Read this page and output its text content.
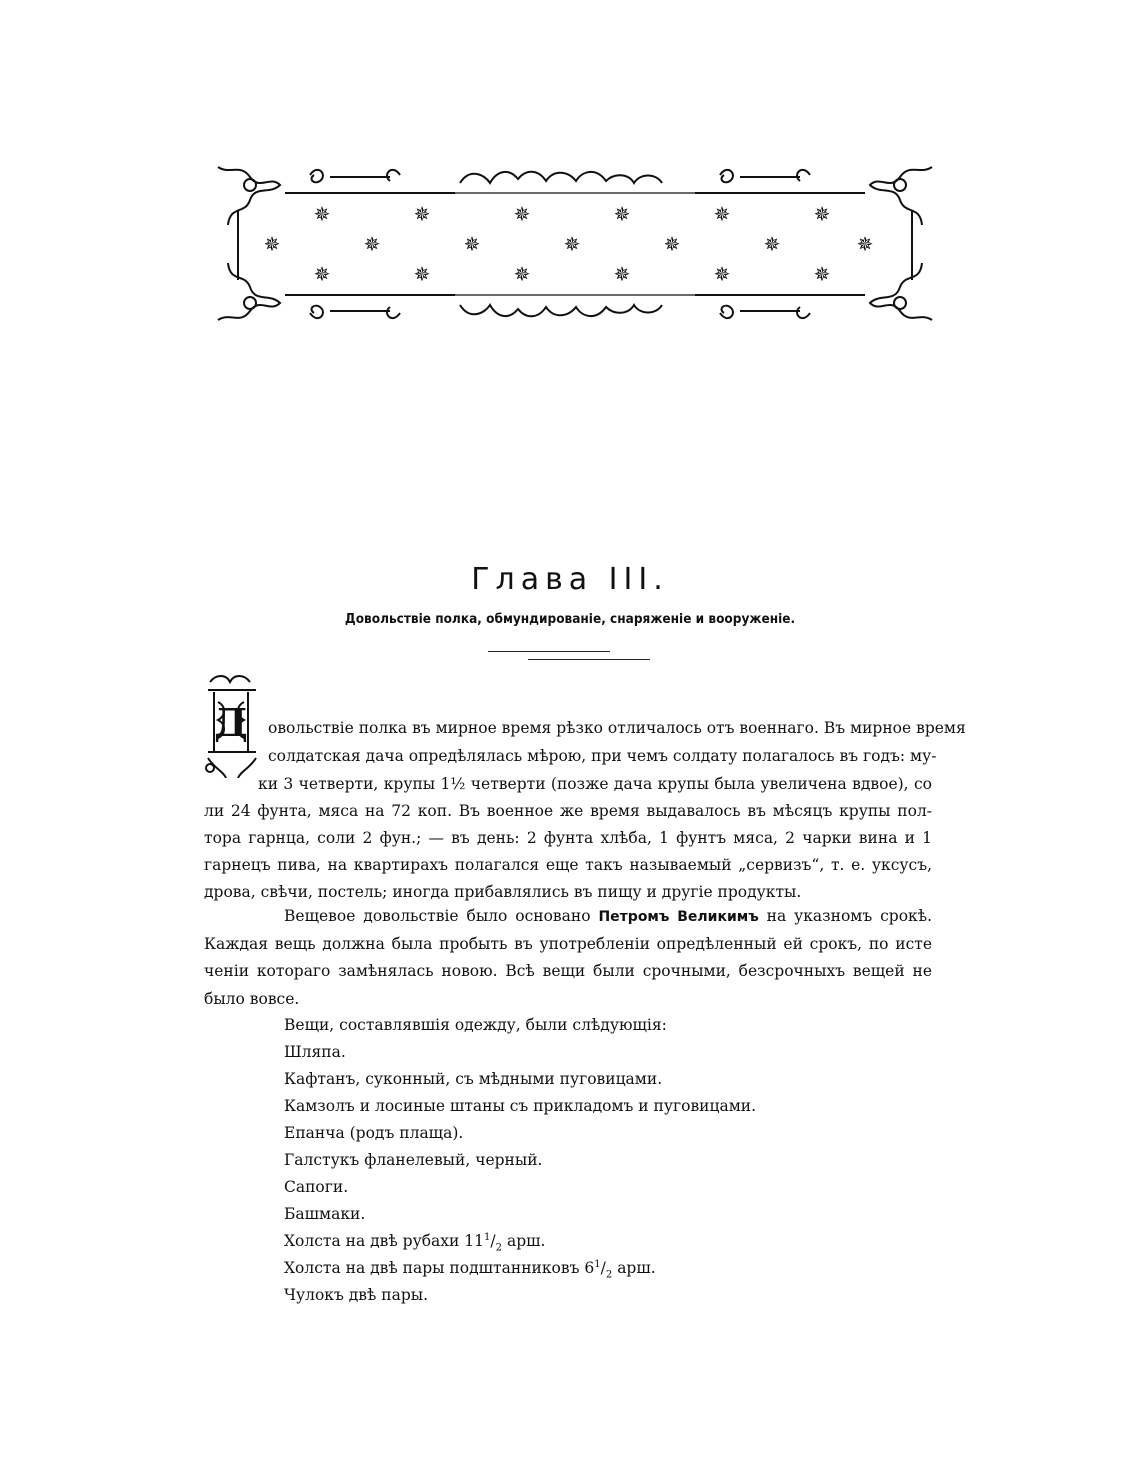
✵	✵	✵	✵	✵	✵
✵	✵	✵	✵	✵	✵	✵
✵	✵	✵	✵	✵	✵
Глава III.
Довольствіе полка, обмундированіе, снаряженіе и вооруженіе.
Д овольствіе полка въ мирное время рѣзко отличалось отъ военнаго. Въ мирное время
солдатская дача опредѣлялась мѣрою, при чемъ солдату полагалось въ годъ: му-
ки 3 четверти, крупы 1½ четверти (позже дача крупы была увеличена вдвое), со
ли 24 фунта, мяса на 72 коп. Въ военное же время выдавалось въ мѣсяцъ крупы пол-
тора гарнца, соли 2 фун.; — въ день: 2 фунта хлѣба, 1 фунтъ мяса, 2 чарки вина и 1
гарнецъ пива, на квартирахъ полагался еще такъ называемый „сервизъ“, т. е. уксусъ,
дрова, свѣчи, постель; иногда прибавлялись въ пищу и другіе продукты.
Вещевое довольствіе было основано Петромъ Великимъ на указномъ срокѣ.
Каждая вещь должна была пробыть въ употребленіи опредѣленный ей срокъ, по исте
ченіи котораго замѣнялась новою. Всѣ вещи были срочными, безсрочныхъ вещей не
было вовсе.
Вещи, составлявшія одежду, были слѣдующія:
Шляпа.
Кафтанъ, суконный, съ мѣдными пуговицами.
Камзолъ и лосиные штаны съ прикладомъ и пуговицами.
Епанча (родъ плаща).
Галстукъ фланелевый, черный.
Сапоги.
Башмаки.
Холста на двѣ рубахи $11^1/_2$ арш.
Холста на двѣ пары подштанниковъ $6^1/_2$ арш.
Чулокъ двѣ пары.
